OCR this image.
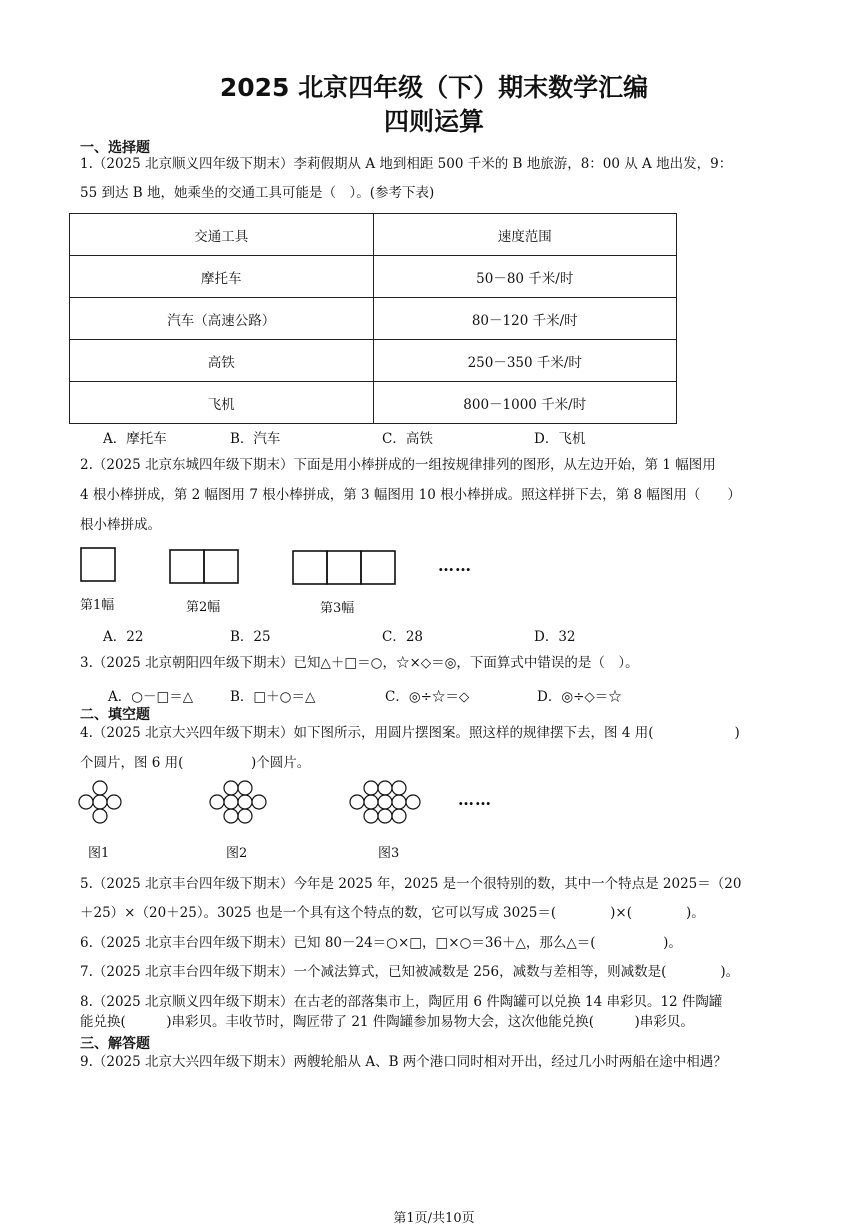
2025 北京四年级（下）期末数学汇编
四则运算
一、选择题
1.（2025 北京顺义四年级下期末）李莉假期从 A 地到相距 500 千米的 B 地旅游，8：00 从 A 地出发，9：
55 到达 B 地，她乘坐的交通工具可能是（　）。(参考下表)
交通工具	速度范围
摩托车	50－80 千米/时
汽车（高速公路）	80－120 千米/时
高铁	250－350 千米/时
飞机	800－1000 千米/时
A．摩托车	B．汽车	C．高铁	D．飞机
2.（2025 北京东城四年级下期末）下面是用小棒拼成的一组按规律排列的图形，从左边开始，第 1 幅图用
4 根小棒拼成，第 2 幅图用 7 根小棒拼成，第 3 幅图用 10 根小棒拼成。照这样拼下去，第 8 幅图用（　　）
根小棒拼成。
……
第1幅	第2幅	第3幅
A．22	B．25	C．28	D．32
3.（2025 北京朝阳四年级下期末）已知△＋□＝○，☆×◇＝◎，下面算式中错误的是（　）。
A．○－□＝△	B．□＋○＝△	C．◎÷☆＝◇	D．◎÷◇＝☆
二、填空题
4.（2025 北京大兴四年级下期末）如下图所示，用圆片摆图案。照这样的规律摆下去，图 4 用(　　　　　　)
个圆片，图 6 用(　　　　　)个圆片。
……
图1	图2	图3
5.（2025 北京丰台四年级下期末）今年是 2025 年，2025 是一个很特别的数，其中一个特点是 2025＝（20
＋25）×（20＋25）。3025 也是一个具有这个特点的数，它可以写成 3025＝(　　　　)×(　　　　)。
6.（2025 北京丰台四年级下期末）已知 80－24＝○×□，□×○＝36＋△，那么△＝(　　　　　)。
7.（2025 北京丰台四年级下期末）一个减法算式，已知被减数是 256，减数与差相等，则减数是(　　　　)。
8.（2025 北京顺义四年级下期末）在古老的部落集市上，陶匠用 6 件陶罐可以兑换 14 串彩贝。12 件陶罐
能兑换(　　　)串彩贝。丰收节时，陶匠带了 21 件陶罐参加易物大会，这次他能兑换(　　　)串彩贝。
三、解答题
9.（2025 北京大兴四年级下期末）两艘轮船从 A、B 两个港口同时相对开出，经过几小时两船在途中相遇？
第1页/共10页
